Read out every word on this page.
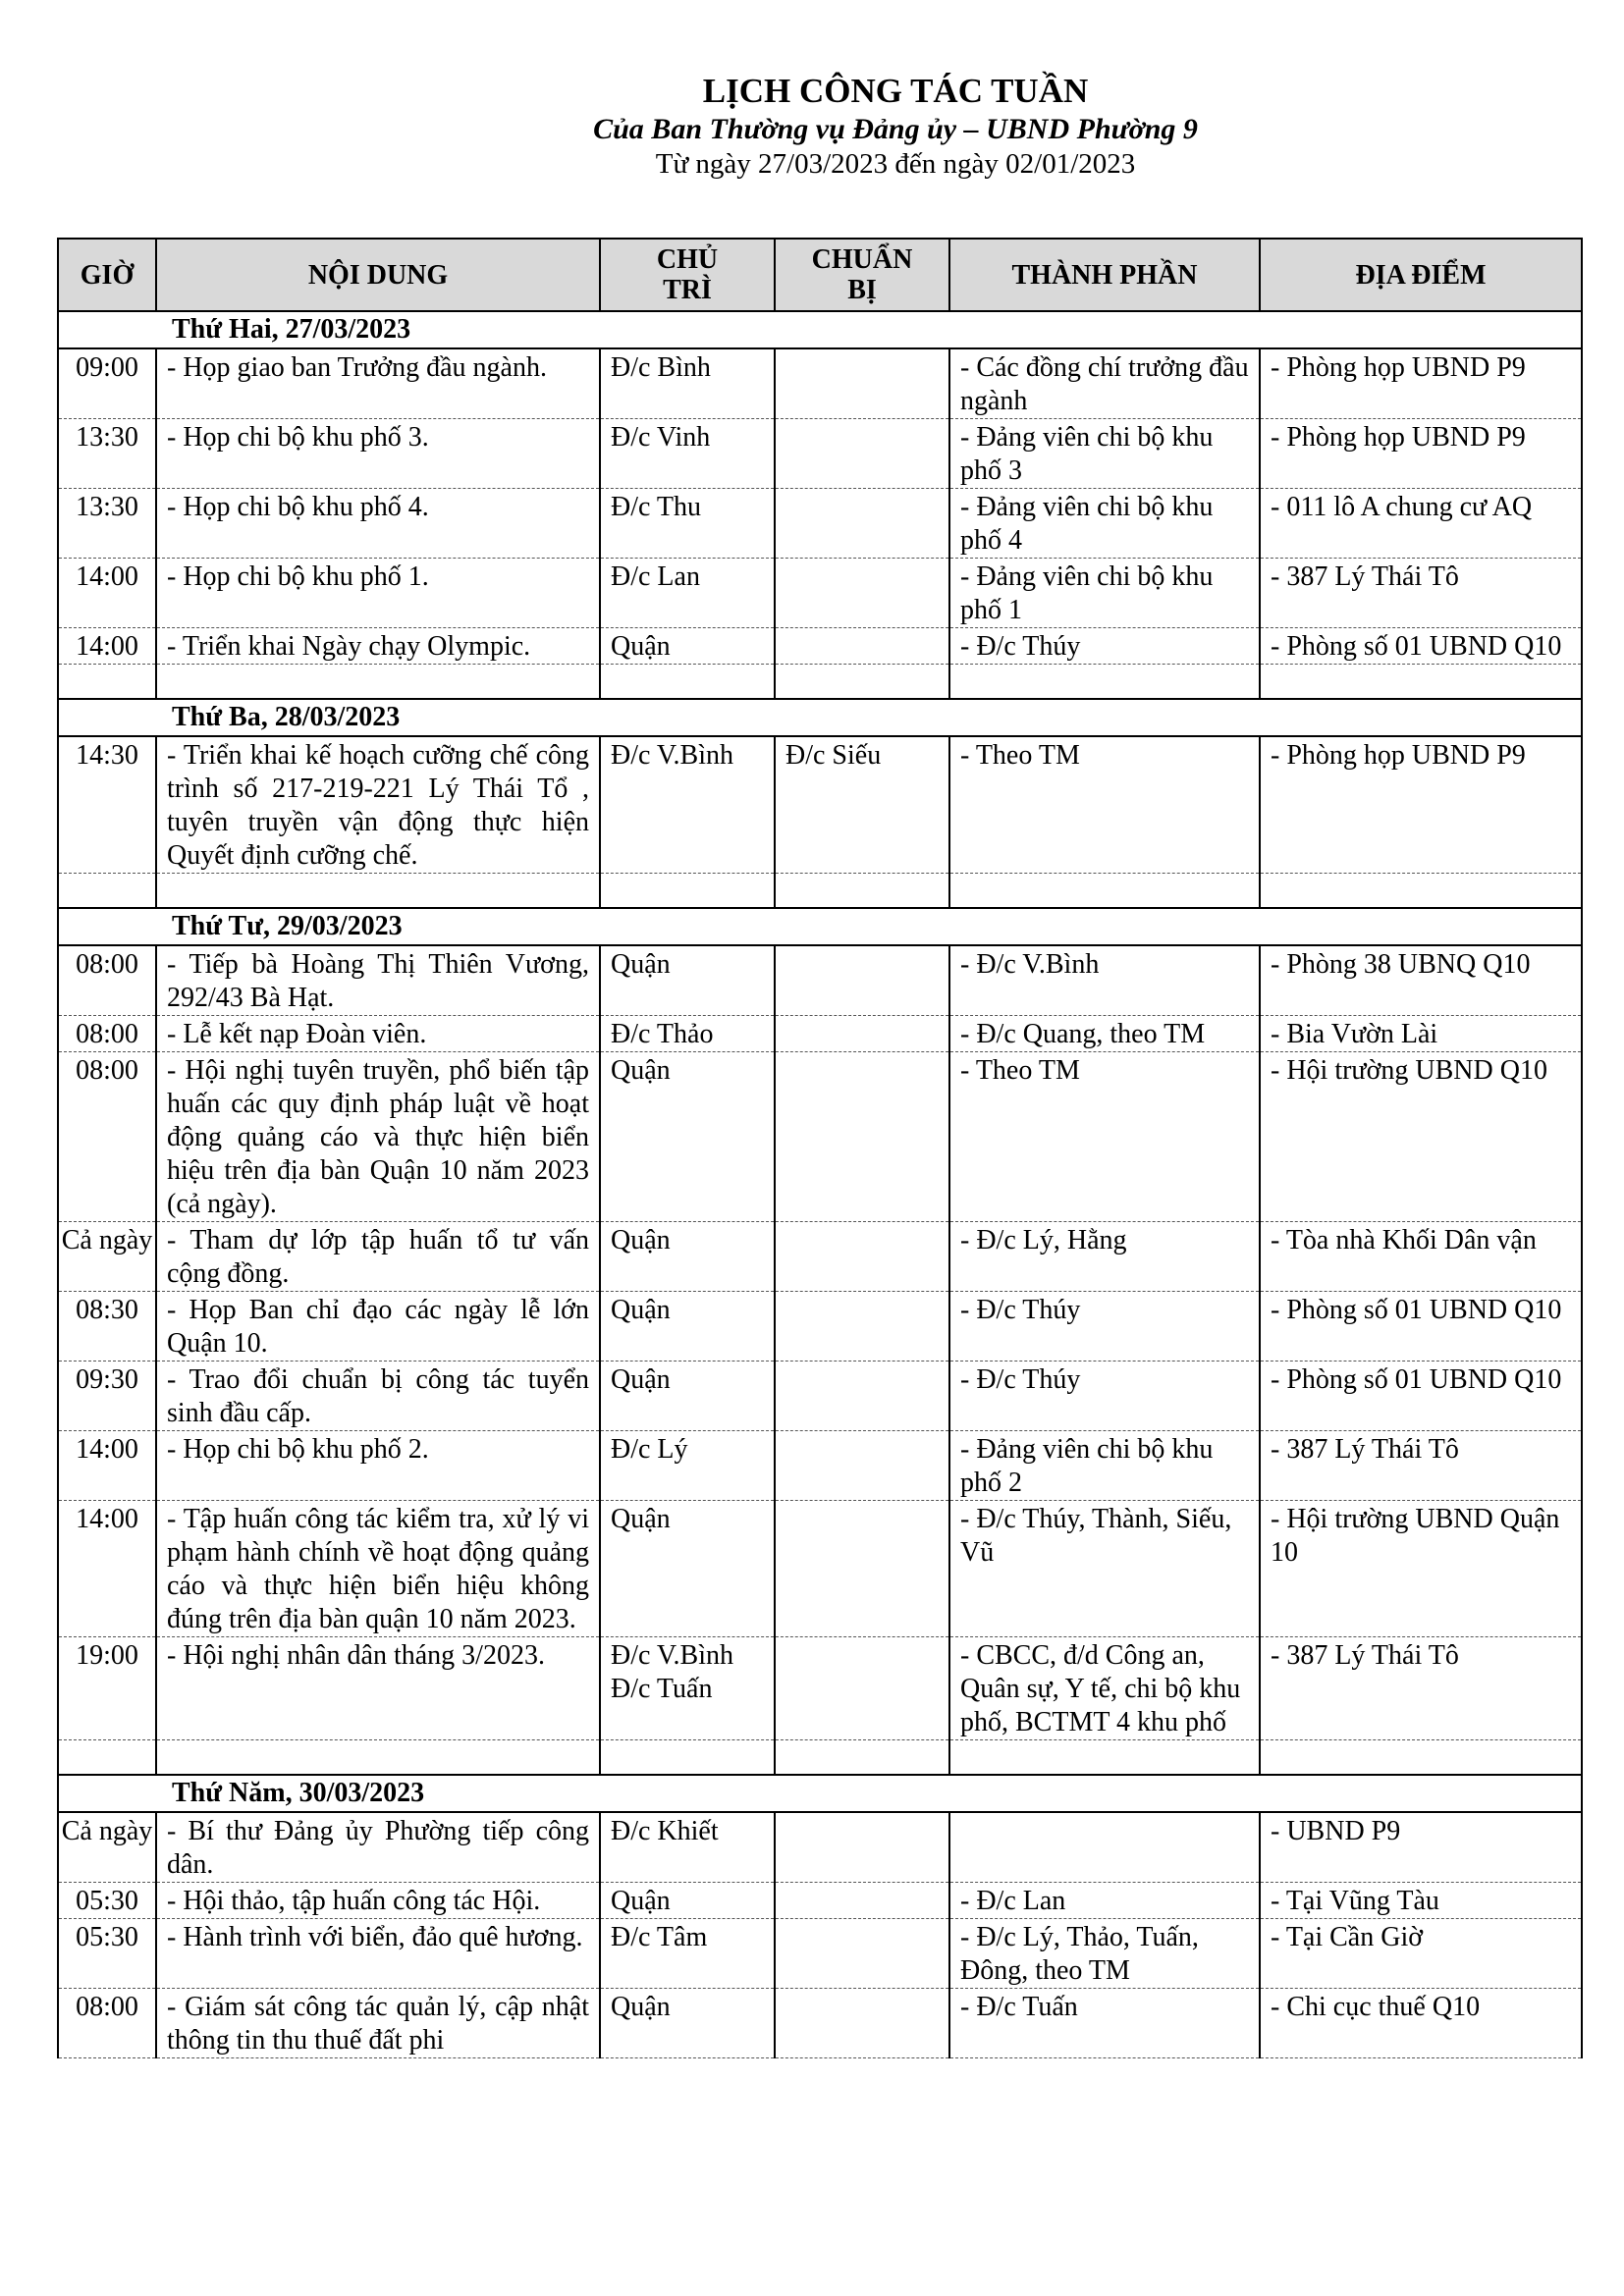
LỊCH CÔNG TÁC TUẦN
Của Ban Thường vụ Đảng ủy – UBND Phường 9
Từ ngày 27/03/2023 đến ngày 02/01/2023
GIỜ	NỘI DUNG	CHỦ TRÌ	CHUẨN BỊ	THÀNH PHẦN	ĐỊA ĐIỂM
Thứ Hai, 27/03/2023					
09:00	- Họp giao ban Trưởng đầu ngành.	Đ/c Bình		- Các đồng chí trưởng đầu ngành	- Phòng họp UBND P9
13:30	- Họp chi bộ khu phố 3.	Đ/c Vinh		- Đảng viên chi bộ khu phố 3	- Phòng họp UBND P9
13:30	- Họp chi bộ khu phố 4.	Đ/c Thu		- Đảng viên chi bộ khu phố 4	- 011 lô A chung cư AQ
14:00	- Họp chi bộ khu phố 1.	Đ/c Lan		- Đảng viên chi bộ khu phố 1	- 387 Lý Thái Tô
14:00	- Triển khai Ngày chạy Olympic.	Quận		- Đ/c Thúy	- Phòng số 01 UBND Q10

Thứ Ba, 28/03/2023					
14:30	- Triển khai kế hoạch cưỡng chế công trình số 217-219-221 Lý Thái Tổ , tuyên truyền vận động thực hiện Quyết định cưỡng chế.	Đ/c V.Bình	Đ/c Siếu	- Theo TM	- Phòng họp UBND P9

Thứ Tư, 29/03/2023					
08:00	- Tiếp bà Hoàng Thị Thiên Vương, 292/43 Bà Hạt.	Quận		- Đ/c V.Bình	- Phòng 38 UBNQ Q10
08:00	- Lễ kết nạp Đoàn viên.	Đ/c Thảo		- Đ/c Quang, theo TM	- Bia Vườn Lài
08:00	- Hội nghị tuyên truyền, phổ biến tập huấn các quy định pháp luật về hoạt động quảng cáo và thực hiện biển hiệu trên địa bàn Quận 10 năm 2023 (cả ngày).	Quận		- Theo TM	- Hội trường UBND Q10
Cả ngày	- Tham dự lớp tập huấn tổ tư vấn cộng đồng.	Quận		- Đ/c Lý, Hằng	- Tòa nhà Khối Dân vận
08:30	- Họp Ban chỉ đạo các ngày lễ lớn Quận 10.	Quận		- Đ/c Thúy	- Phòng số 01 UBND Q10
09:30	- Trao đổi chuẩn bị công tác tuyển sinh đầu cấp.	Quận		- Đ/c Thúy	- Phòng số 01 UBND Q10
14:00	- Họp chi bộ khu phố 2.	Đ/c Lý		- Đảng viên chi bộ khu phố 2	- 387 Lý Thái Tô
14:00	- Tập huấn công tác kiểm tra, xử lý vi phạm hành chính về hoạt động quảng cáo và thực hiện biển hiệu không đúng trên địa bàn quận 10 năm 2023.	Quận		- Đ/c Thúy, Thành, Siếu, Vũ	- Hội trường UBND Quận 10
19:00	- Hội nghị nhân dân tháng 3/2023.	Đ/c V.Bình Đ/c Tuấn		- CBCC, đ/d Công an, Quân sự, Y tế, chi bộ khu phố, BCTMT 4 khu phố	- 387 Lý Thái Tô

Thứ Năm, 30/03/2023					
Cả ngày	- Bí thư Đảng ủy Phường tiếp công dân.	Đ/c Khiết			- UBND P9
05:30	- Hội thảo, tập huấn công tác Hội.	Quận		- Đ/c Lan	- Tại Vũng Tàu
05:30	- Hành trình với biển, đảo quê hương.	Đ/c Tâm		- Đ/c Lý, Thảo, Tuấn, Đông, theo TM	- Tại Cần Giờ
08:00	- Giám sát công tác quản lý, cập nhật thông tin thu thuế đất phi	Quận		- Đ/c Tuấn	- Chi cục thuế Q10
